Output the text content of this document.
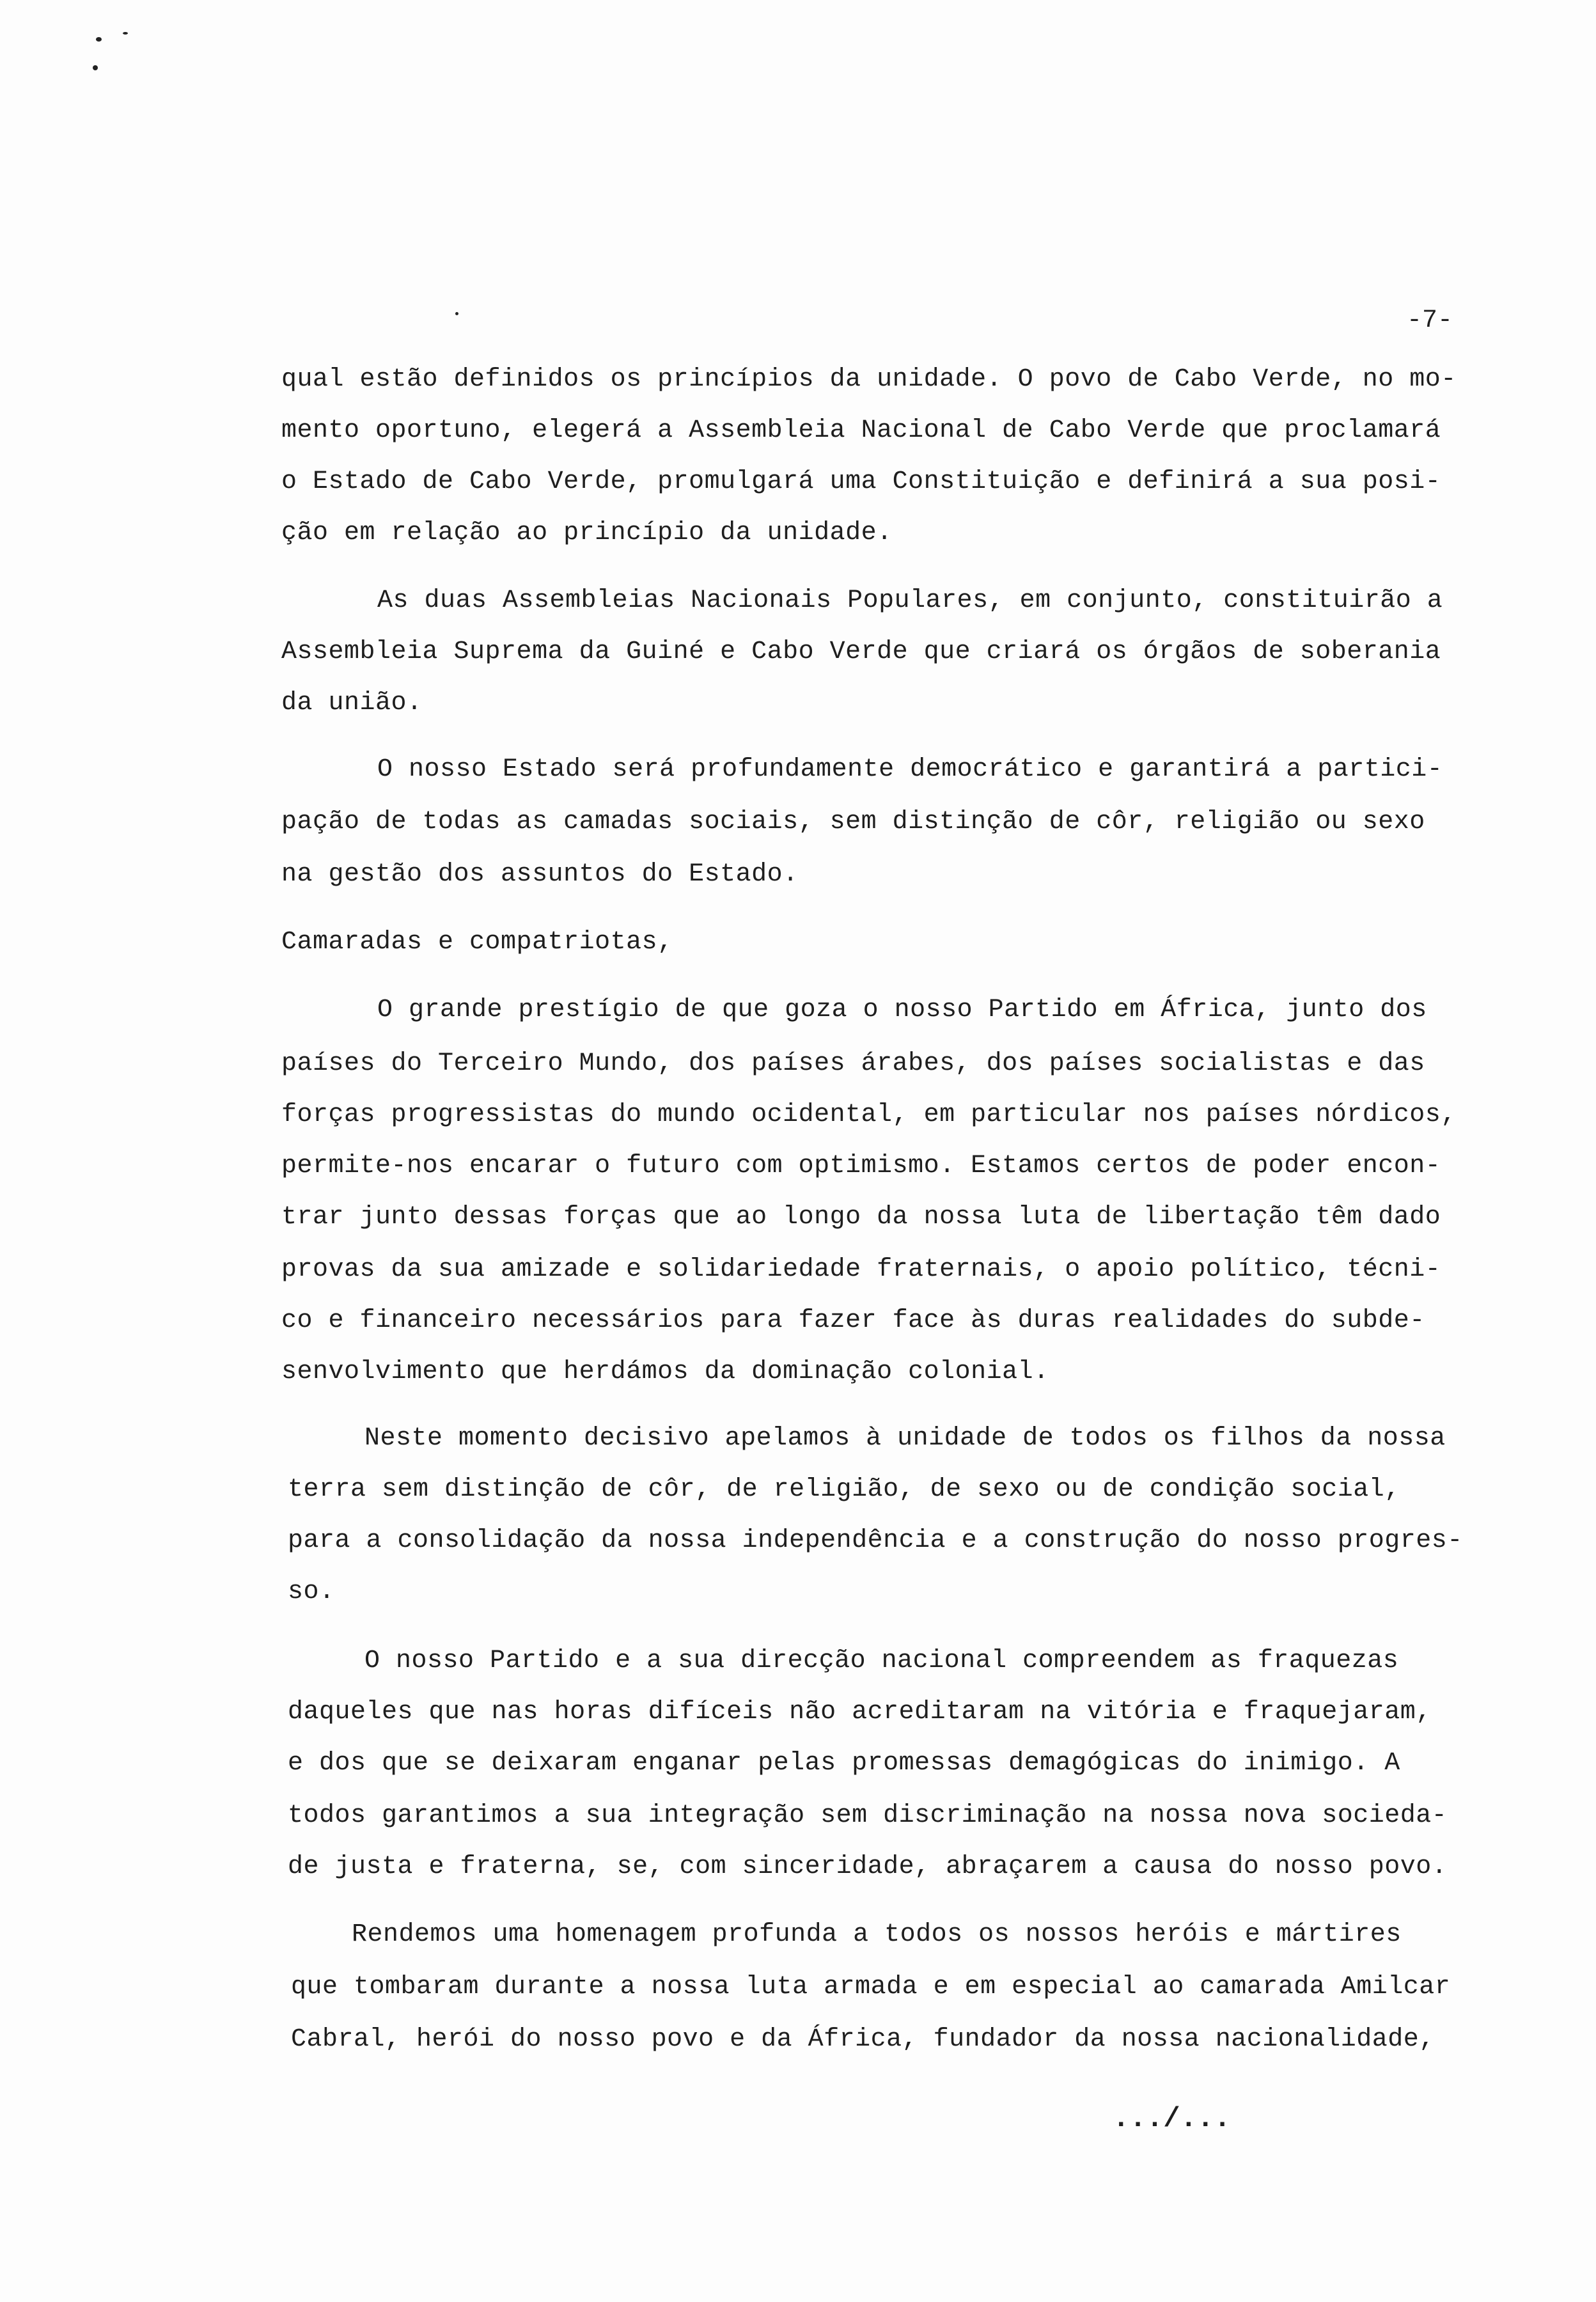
-7-
qual estão definidos os princípios da unidade. O povo de Cabo Verde, no mo-
mento oportuno, elegerá a Assembleia Nacional de Cabo Verde que proclamará
o Estado de Cabo Verde, promulgará uma Constituição e definirá a sua posi-
ção em relação ao princípio da unidade.
As duas Assembleias Nacionais Populares, em conjunto, constituirão a
Assembleia Suprema da Guiné e Cabo Verde que criará os órgãos de soberania
da união.
O nosso Estado será profundamente democrático e garantirá a partici-
pação de todas as camadas sociais, sem distinção de côr, religião ou sexo
na gestão dos assuntos do Estado.
Camaradas e compatriotas,
O grande prestígio de que goza o nosso Partido em África, junto dos
países do Terceiro Mundo, dos países árabes, dos países socialistas e das
forças progressistas do mundo ocidental, em particular nos países nórdicos,
permite-nos encarar o futuro com optimismo. Estamos certos de poder encon-
trar junto dessas forças que ao longo da nossa luta de libertação têm dado
provas da sua amizade e solidariedade fraternais, o apoio político, técni-
co e financeiro necessários para fazer face às duras realidades do subde-
senvolvimento que herdámos da dominação colonial.
Neste momento decisivo apelamos à unidade de todos os filhos da nossa
terra sem distinção de côr, de religião, de sexo ou de condição social,
para a consolidação da nossa independência e a construção do nosso progres-
so.
O nosso Partido e a sua direcção nacional compreendem as fraquezas
daqueles que nas horas difíceis não acreditaram na vitória e fraquejaram,
e dos que se deixaram enganar pelas promessas demagógicas do inimigo. A
todos garantimos a sua integração sem discriminação na nossa nova socieda-
de justa e fraterna, se, com sinceridade, abraçarem a causa do nosso povo.
Rendemos uma homenagem profunda a todos os nossos heróis e mártires
que tombaram durante a nossa luta armada e em especial ao camarada Amilcar
Cabral, herói do nosso povo e da África, fundador da nossa nacionalidade,
.../...
